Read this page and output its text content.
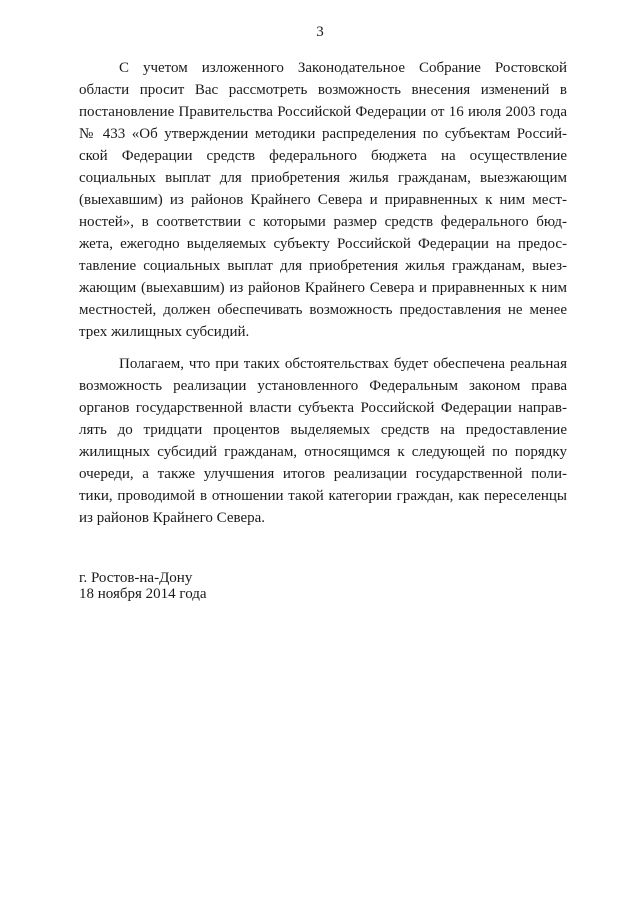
3

С учетом изложенного Законодательное Собрание Ростовской
области просит Вас рассмотреть возможность внесения изменений в
постановление Правительства Российской Федерации от 16 июля 2003 года
№ 433 «Об утверждении методики распределения по субъектам Россий-
ской Федерации средств федерального бюджета на осуществление
социальных выплат для приобретения жилья гражданам, выезжающим
(выехавшим) из районов Крайнего Севера и приравненных к ним мест-
ностей», в соответствии с которыми размер средств федерального бюд-
жета, ежегодно выделяемых субъекту Российской Федерации на предос-
тавление социальных выплат для приобретения жилья гражданам, выез-
жающим (выехавшим) из районов Крайнего Севера и приравненных к ним
местностей, должен обеспечивать возможность предоставления не менее
трех жилищных субсидий.

Полагаем, что при таких обстоятельствах будет обеспечена реальная
возможность реализации установленного Федеральным законом права
органов государственной власти субъекта Российской Федерации направ-
лять до тридцати процентов выделяемых средств на предоставление
жилищных субсидий гражданам, относящимся к следующей по порядку
очереди, а также улучшения итогов реализации государственной поли-
тики, проводимой в отношении такой категории граждан, как переселенцы
из районов Крайнего Севера.

г. Ростов-на-Дону
18 ноября 2014 года
